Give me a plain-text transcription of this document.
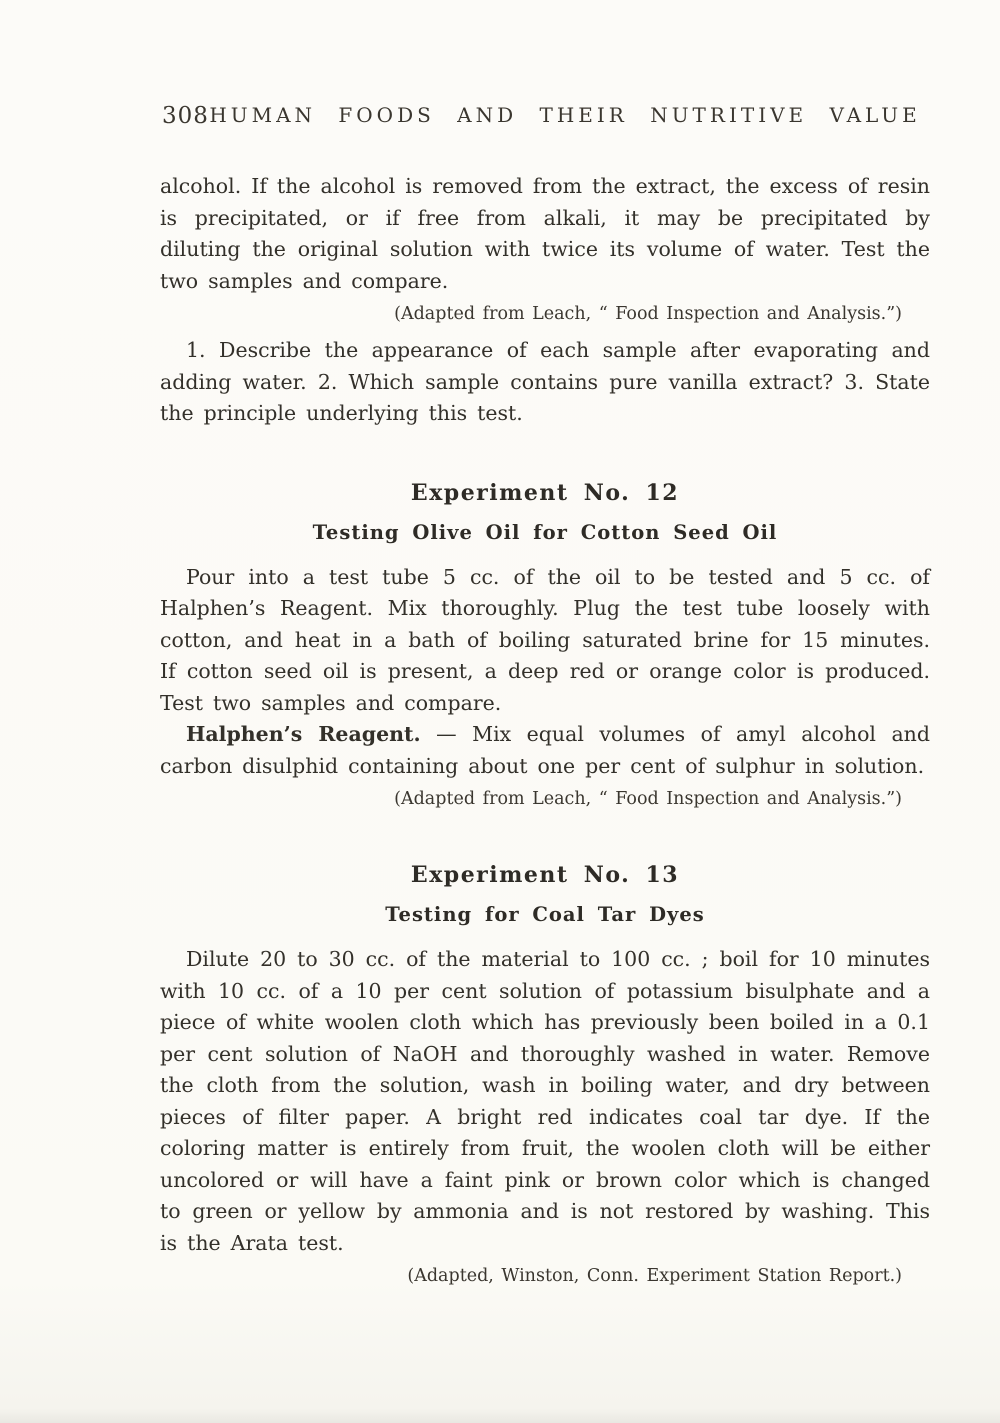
308 HUMAN FOODS AND THEIR NUTRITIVE VALUE

alcohol. If the alcohol is removed from the extract, the excess of resin is precipitated, or if free from alkali, it may be precipitated by diluting the original solution with twice its volume of water. Test the two samples and compare.

(Adapted from Leach, “ Food Inspection and Analysis.”)

1. Describe the appearance of each sample after evaporating and adding water. 2. Which sample contains pure vanilla extract? 3. State the principle underlying this test.

Experiment No. 12
Testing Olive Oil for Cotton Seed Oil

Pour into a test tube 5 cc. of the oil to be tested and 5 cc. of Halphen’s Reagent. Mix thoroughly. Plug the test tube loosely with cotton, and heat in a bath of boiling saturated brine for 15 minutes. If cotton seed oil is present, a deep red or orange color is produced. Test two samples and compare.

Halphen’s Reagent. — Mix equal volumes of amyl alcohol and carbon disulphid containing about one per cent of sulphur in solution.

(Adapted from Leach, “ Food Inspection and Analysis.”)

Experiment No. 13
Testing for Coal Tar Dyes

Dilute 20 to 30 cc. of the material to 100 cc. ; boil for 10 minutes with 10 cc. of a 10 per cent solution of potassium bisulphate and a piece of white woolen cloth which has previously been boiled in a 0.1 per cent solution of NaOH and thoroughly washed in water. Remove the cloth from the solution, wash in boiling water, and dry between pieces of filter paper. A bright red indicates coal tar dye. If the coloring matter is entirely from fruit, the woolen cloth will be either uncolored or will have a faint pink or brown color which is changed to green or yellow by ammonia and is not restored by washing. This is the Arata test.

(Adapted, Winston, Conn. Experiment Station Report.)
